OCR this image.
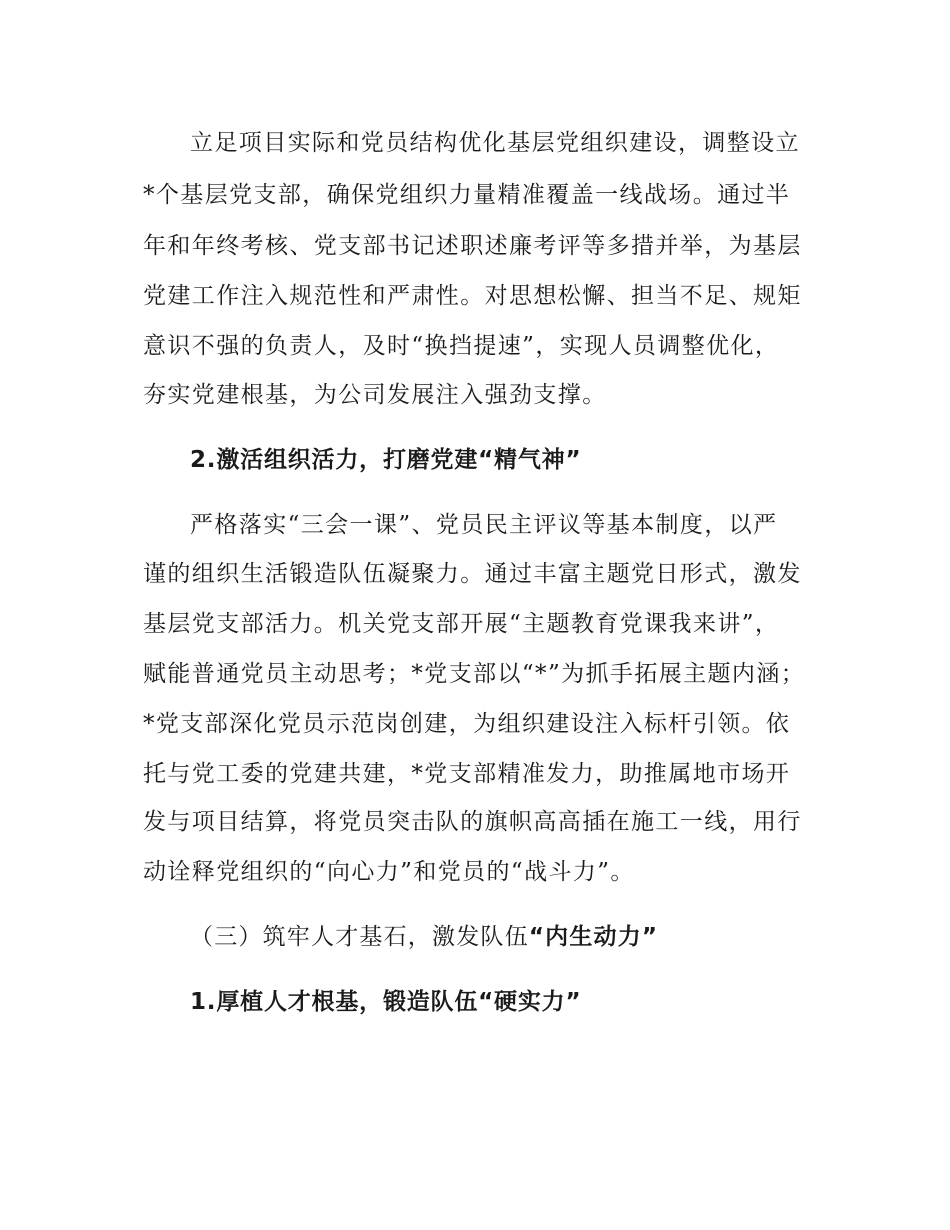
立足项目实际和党员结构优化基层党组织建设，调整设立
*个基层党支部，确保党组织力量精准覆盖一线战场。通过半
年和年终考核、党支部书记述职述廉考评等多措并举，为基层
党建工作注入规范性和严肃性。对思想松懈、担当不足、规矩
意识不强的负责人，及时“换挡提速”，实现人员调整优化，
夯实党建根基，为公司发展注入强劲支撑。
2.激活组织活力，打磨党建“精气神”
严格落实“三会一课”、党员民主评议等基本制度，以严
谨的组织生活锻造队伍凝聚力。通过丰富主题党日形式，激发
基层党支部活力。机关党支部开展“主题教育党课我来讲”，
赋能普通党员主动思考；*党支部以“*”为抓手拓展主题内涵；
*党支部深化党员示范岗创建，为组织建设注入标杆引领。依
托与党工委的党建共建，*党支部精准发力，助推属地市场开
发与项目结算，将党员突击队的旗帜高高插在施工一线，用行
动诠释党组织的“向心力”和党员的“战斗力”。
（三）筑牢人才基石，激发队伍“内生动力”
1.厚植人才根基，锻造队伍“硬实力”
